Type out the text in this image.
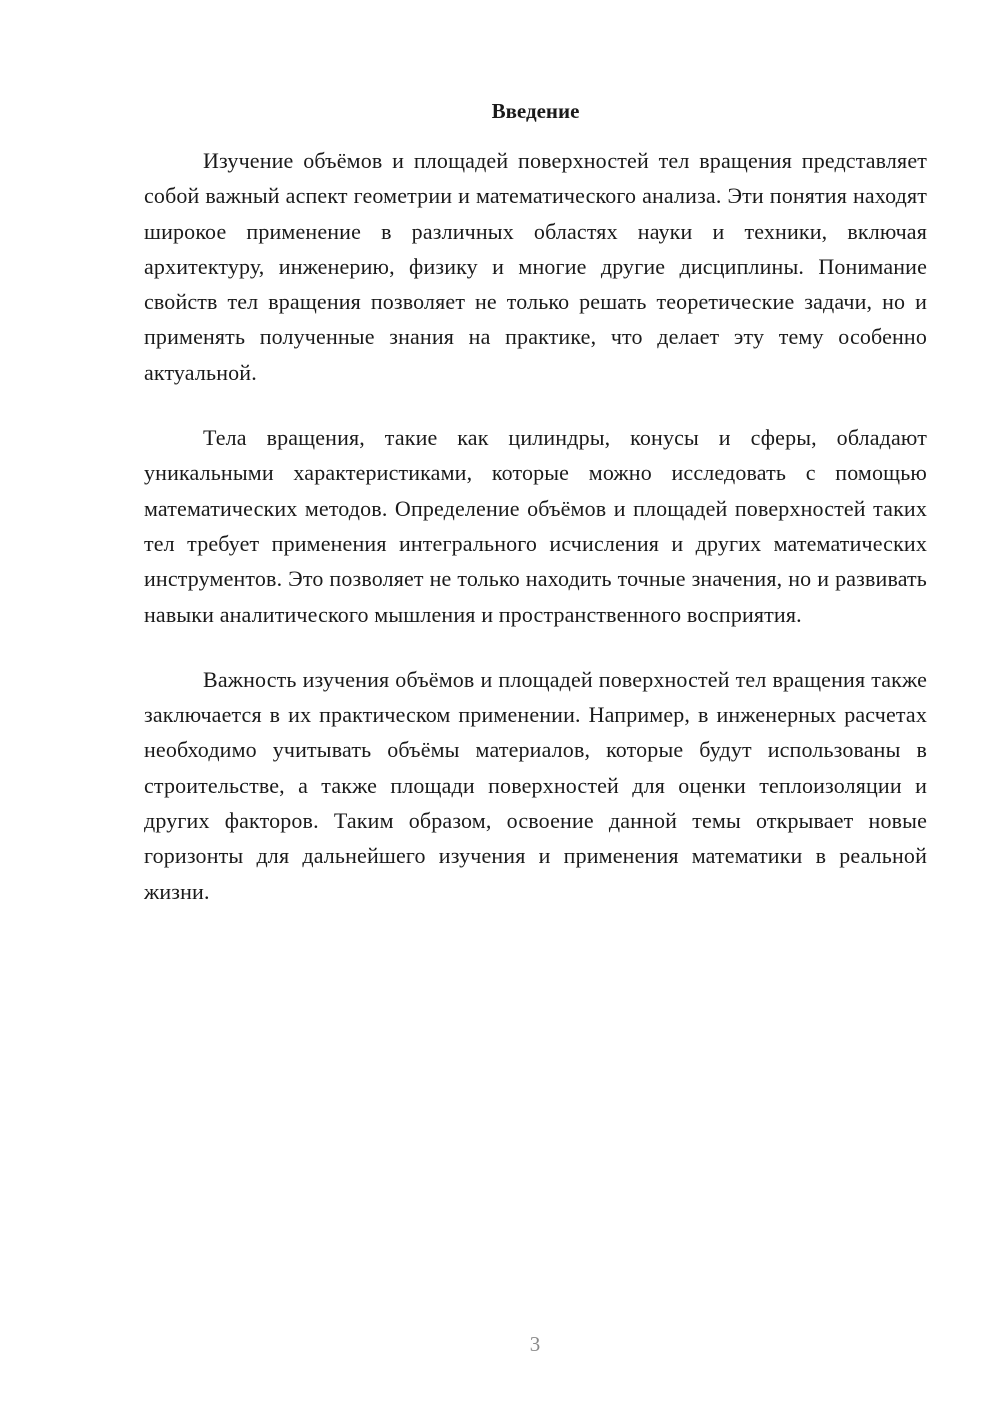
Введение

Изучение объёмов и площадей поверхностей тел вращения представляет собой важный аспект геометрии и математического анализа. Эти понятия находят широкое применение в различных областях науки и техники, включая архитектуру, инженерию, физику и многие другие дисциплины. Понимание свойств тел вращения позволяет не только решать теоретические задачи, но и применять полученные знания на практике, что делает эту тему особенно актуальной.

Тела вращения, такие как цилиндры, конусы и сферы, обладают уникальными характеристиками, которые можно исследовать с помощью математических методов. Определение объёмов и площадей поверхностей таких тел требует применения интегрального исчисления и других математических инструментов. Это позволяет не только находить точные значения, но и развивать навыки аналитического мышления и пространственного восприятия.

Важность изучения объёмов и площадей поверхностей тел вращения также заключается в их практическом применении. Например, в инженерных расчетах необходимо учитывать объёмы материалов, которые будут использованы в строительстве, а также площади поверхностей для оценки теплоизоляции и других факторов. Таким образом, освоение данной темы открывает новые горизонты для дальнейшего изучения и применения математики в реальной жизни.

3
